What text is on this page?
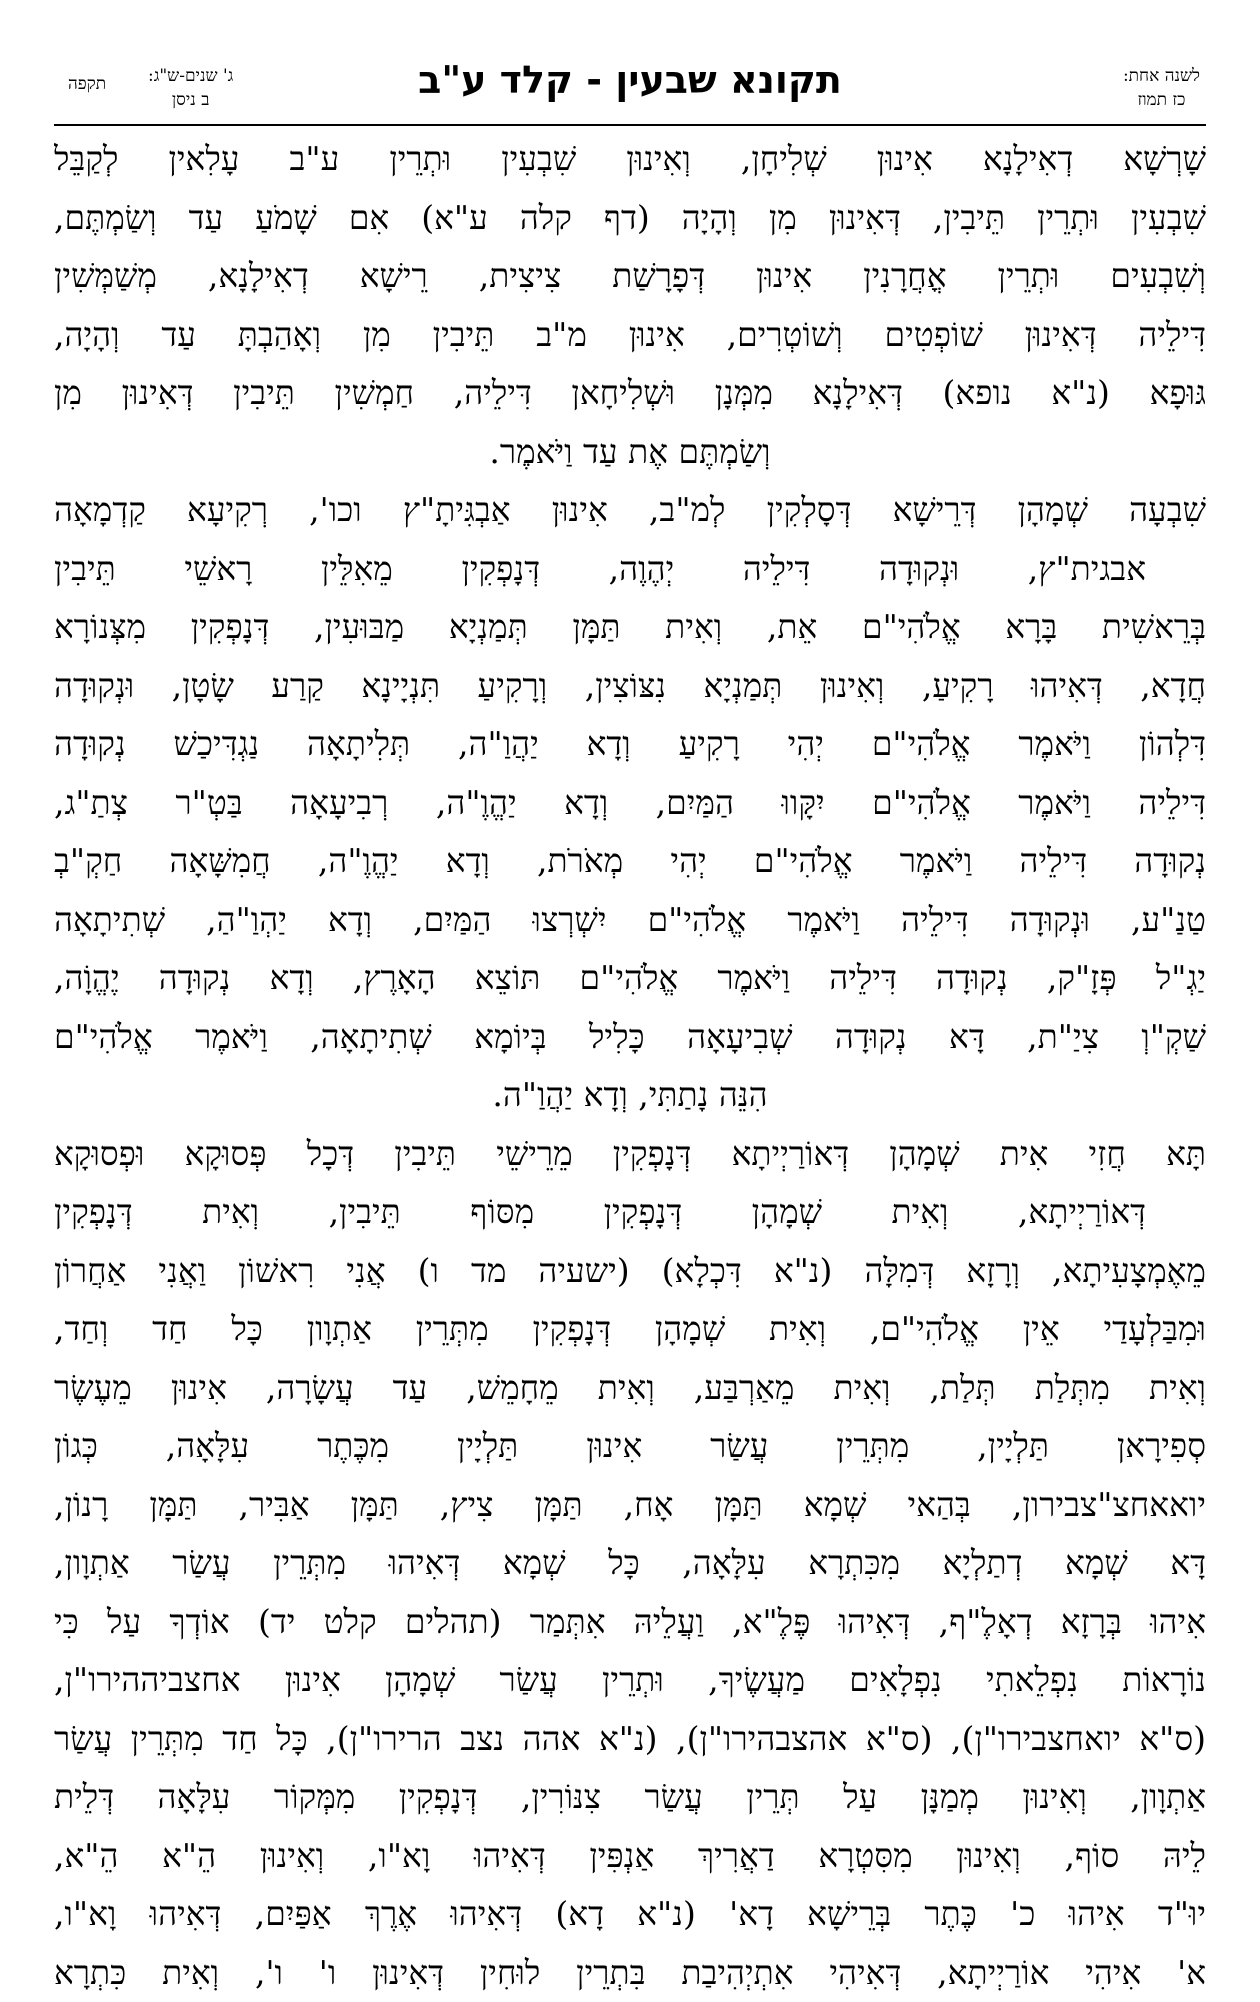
לשנה אחת:
כז תמוז
תקונא שבעין - קלד ע"ב
ג' שנים-ש"ג:
ב ניסן
תקפה
שָׁרְשָׁא דְאִילָנָא אִינוּן שְׁלִיחָן, וְאִינוּן שִׁבְעִין וּתְרֵין ע"ב עָלִאין לְקַבֵּל
שִׁבְעִין וּתְרֵין תֵּיבִין, דְּאִינוּן מִן וְהָיָה (דף קלה ע"א) אִם שָׁמֹעַ עַד וְשַׂמְתֶּם,
וְשִׁבְעִים וּתְרֵין אֳחֲרָנִין אִינוּן דְּפָרָשַׁת צִיצִית, רֵישָׁא דְאִילָנָא, מְשַׁמְּשִׁין
דִּילֵיה דְּאִינוּן שׁוֹפְטִים וְשׁוֹטְרִים, אִינוּן מ"ב תֵּיבִין מִן וְאָהַבְתָּ עַד וְהָיָה,
גּוּפָא (נ"א נופא) דְּאִילָנָא מִמְּנָן וּשְׁלִיחָאן דִּילֵיה, חַמְשִׁין תֵּיבִין דְּאִינוּן מִן
וְשַׂמְתֶּם אֶת עַד וַיֹּאמֶר.
שִׁבְעָה שְׁמָהָן דְּרֵישָׁא דְּסָלְקִין לְמ"ב, אִינוּן אַבְגִּיתָ"ץ וכו', רְקִיעָא קַדְמָאָה
אבגית"ץ, וּנְקוּדָה דִּילֵיה יְהֶוֶה, דְּנָפְקִין מֵאִלֵּין רָאשֵׁי תֵּיבִין
בְּרֵאשִׁית בָּרָא אֱלֹהִי"ם אֵת, וְאִית תַּמָּן תְּמַנְיָא מַבּוּעִין, דְּנָפְקִין מִצְּנוֹרָא
חֲדָא, דְּאִיהוּ רָקִיעַ, וְאִינוּן תְּמַנְיָא נִצּוֹצִין, וְרָקִיעַ תִּנְיָינָא קַרַע שָׂטָן, וּנְקוּדָה
דִּלְהוֹן וַיֹּאמֶר אֱלֹהִי"ם יְהִי רָקִיעַ וְדָא יַהֲוַ"ה, תְּלִיתָאָה נַגְדִּיכַשׁ נְקוּדָה
דִּילֵיה וַיֹּאמֶר אֱלֹהִי"ם יִקָּווּ הַמַּיִם, וְדָא יַהֱוֶ"ה, רְבִיעָאָה בַּטְ"ר צְתַ"ג,
נְקוּדָה דִּילֵיה וַיֹּאמֶר אֱלֹהִי"ם יְהִי מְאֹרֹת, וְדָא יַהֱוֶ"ה, חֲמִשָּׁאָה חַקְ"בְ
טַנַ"ע, וּנְקוּדָה דִּילֵיה וַיֹּאמֶר אֱלֹהִי"ם יִשְׁרְצוּ הַמַּיִם, וְדָא יַהְוַ"הַ, שְׁתִיתָאָה
יַגְ"ל פְּזָ"ק, נְקוּדָה דִּילֵיה וַיֹּאמֶר אֱלֹהִי"ם תּוֹצֵא הָאָרֶץ, וְדָא נְקוּדָה יֶהֱוָֹה,
שַׁקְ"וְ צִיַ"ת, דָּא נְקוּדָה שְׁבִיעָאָה כָּלִיל בְּיוֹמָא שְׁתִיתָאָה, וַיֹּאמֶר אֱלֹהִי"ם
הִנֵּה נָתַתִּי, וְדָא יַהֲוַ"ה.
תָּא חֲזִי אִית שְׁמָהָן דְּאוֹרַיְיתָא דְּנָפְקִין מֵרֵישֵׁי תֵּיבִין דְּכָל פְּסוּקָא וּפְסוּקָא
דְּאוֹרַיְיתָא, וְאִית שְׁמָהָן דְּנָפְקִין מִסּוֹף תֵּיבִין, וְאִית דְּנָפְקִין
מֵאֶמְצָעִיתָא, וְרָזָא דְּמִלָּה (נ"א דִּכְלָא) (ישעיה מד ו) אֲנִי רִאשׁוֹן וַאֲנִי אַחֲרוֹן
וּמִבַּלְעָדַי אֵין אֱלֹהִי"ם, וְאִית שְׁמָהָן דְּנָפְקִין מִתְּרֵין אַתְוָון כָּל חַד וְחַד,
וְאִית מִתְּלַת תְּלַת, וְאִית מֵאַרְבַּע, וְאִית מֵחָמֵשׁ, עַד עֲשָׂרָה, אִינוּן מֵעֶשֶׂר
סְפִירָאן תַּלְיָין, מִתְּרֵין עֲשַׂר אִינוּן תַּלְיָין מִכֶּתֶר עִלָּאָה, כְּגוֹן
יואאחצ"צבירון, בְּהַאי שְׁמָא תַּמָּן אָח, תַּמָּן צִיץ, תַּמָּן אַבִּיר, תַּמָּן רָנוֹן,
דָּא שְׁמָא דְתַלְיָא מִכִּתְרָא עִלָּאָה, כָּל שְׁמָא דְּאִיהוּ מִתְּרֵין עֲשַׂר אַתְוָון,
אִיהוּ בְּרָזָא דְאָלֶ"ף, דְּאִיהוּ פֶּלֶ"א, וַעֲלֵיהּ אִתְּמַר (תהלים קלט יד) אוֹדְךָ עַל כִּי
נוֹרָאוֹת נִפְלֵאתִי נִפְלָאִים מַעֲשֶׂיךָ, וּתְרֵין עֲשַׂר שְׁמָהָן אִינוּן אחצביההירו"ן,
(ס"א יואחצבירו"ן), (ס"א אהצבהירו"ן), (נ"א אהה נצב הרירו"ן), כָּל חַד מִתְּרֵין עֲשַׂר
אַתְוָון, וְאִינוּן מְמַנָּן עַל תְּרֵין עֲשַׂר צִנּוֹרִין, דְּנָפְקִין מִמְּקוֹר עִלָּאָה דְּלֵית
לֵיהּ סוֹף, וְאִינוּן מִסִּטְרָא דַאֲרִיךְ אַנְפִּין דְּאִיהוּ וָא"ו, וְאִינוּן הֵ"א הֵ"א,
יוּ"ד אִיהוּ כ' כֶּתֶר בְּרֵישָׁא דָא' (נ"א דָא) דְּאִיהוּ אֶרֶךְ אַפַּיִם, דְּאִיהוּ וָא"ו,
א' אִיהִי אוֹרַיְיתָא, דְּאִיהִי אִתְיְהִיבַת בִּתְרֵין לוּחִין דְּאִינוּן ו' ו', וְאִית כִּתְרָא
